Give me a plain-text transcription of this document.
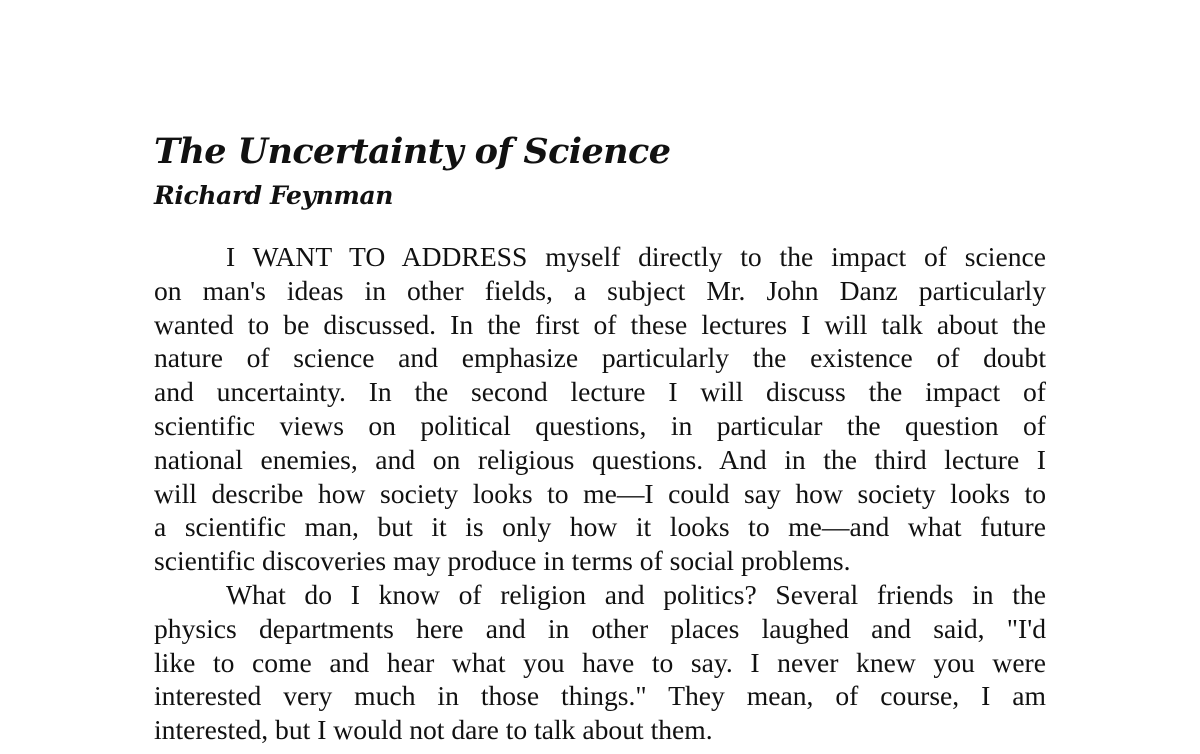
The Uncertainty of Science
Richard Feynman

I WANT TO ADDRESS myself directly to the impact of science
on man's ideas in other fields, a subject Mr. John Danz particularly
wanted to be discussed. In the first of these lectures I will talk about the
nature of science and emphasize particularly the existence of doubt
and uncertainty. In the second lecture I will discuss the impact of
scientific views on political questions, in particular the question of
national enemies, and on religious questions. And in the third lecture I
will describe how society looks to me—I could say how society looks to
a scientific man, but it is only how it looks to me—and what future
scientific discoveries may produce in terms of social problems.

What do I know of religion and politics? Several friends in the
physics departments here and in other places laughed and said, "I'd
like to come and hear what you have to say. I never knew you were
interested very much in those things." They mean, of course, I am
interested, but I would not dare to talk about them.
